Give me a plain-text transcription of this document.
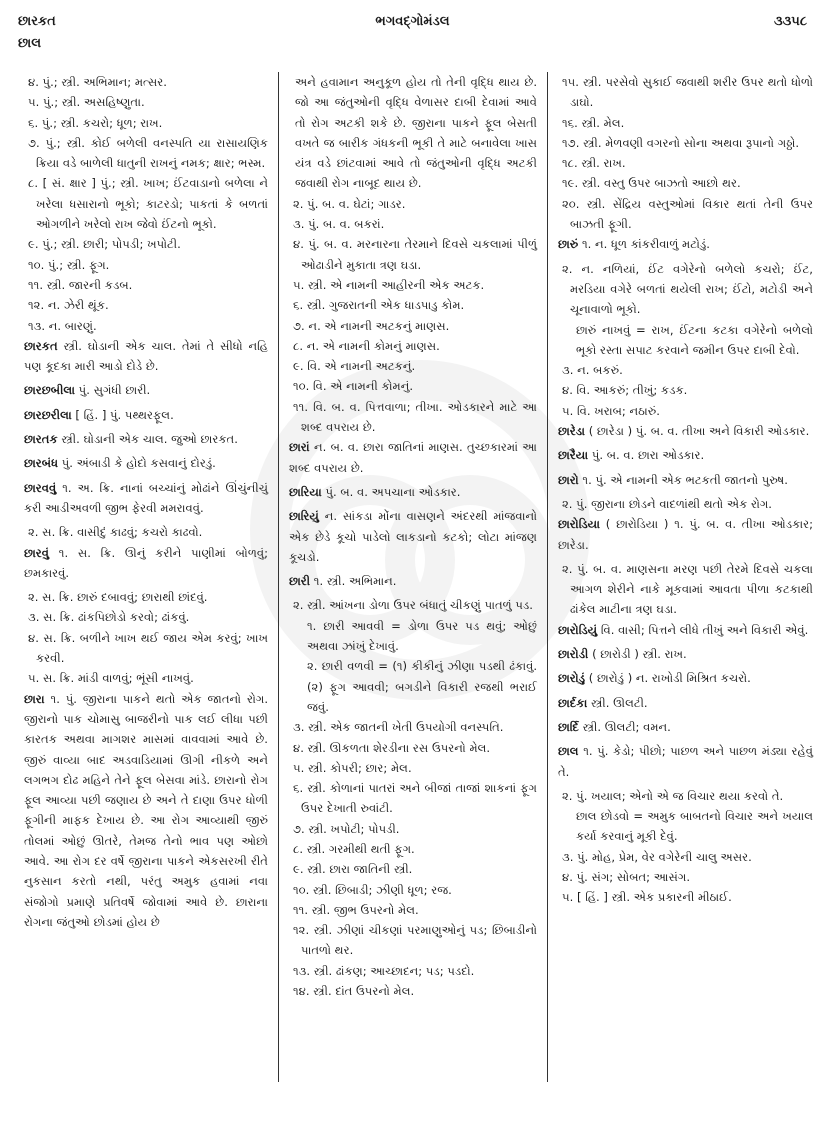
છારકત
છાલ
ભગવદ્ગોમંડલ	૩૩૫૮

૪. પું.; સ્ત્રી. અભિમાન; મત્સર.

૫. પું.; સ્ત્રી. અસહિષ્ણુતા.

૬. પું.; સ્ત્રી. કચરો; ધૂળ; રાખ.

૭. પું.; સ્ત્રી. કોઈ બળેલી વનસ્પતિ યા રાસાયણિક ક્રિયા વડે બાળેલી ધાતુની રાખનું નમક; ક્ષાર; ભસ્મ.

૮. [ સં. ક્ષાર ] પું.; સ્ત્રી. ખાખ; ઈંટવાડાનો બળેલા ને ખરેલા ધસારાનો ભૂકો; કાટરડો; પાકતાં કે બળતાં ઓગળીને ખરેલો રાખ જેવો ઈંટનો ભૂકો.

૯. પું.; સ્ત્રી. છારી; પોપડી; ખપોટી.

૧૦. પું.; સ્ત્રી. ફૂગ.

૧૧. સ્ત્રી. જારની કડબ.

૧૨. ન. ઝેરી થૂંક.

૧૩. ન. બારણું.

છારકત સ્ત્રી. ઘોડાની એક ચાલ. તેમાં તે સીધો નહિ પણ કૂદકા મારી આડો દોડે છે.

છારછબીલા પું. સુગંધી છારી.

છારછરીલા [ હિં. ] પું. પથ્થરફૂલ.

છારતક સ્ત્રી. ઘોડાની એક ચાલ. જુઓ છારકત.

છારબંધ પું. અંબાડી કે હોદો કસવાનું દોરડું.

છારવવું ૧. અ. ક્રિ. નાનાં બચ્ચાંનું મોઢાંને ઊંચુંનીચું કરી આડીઅવળી જીભ ફેરવી મમરાવવું.

૨. સ. ક્રિ. વાસીદું કાઢવું; કચરો કાઢવો.

છારવું ૧. સ. ક્રિ. ઊનું કરીને પાણીમાં બોળવું; છમકારવું.

૨. સ. ક્રિ. છારું દબાવવું; છારાથી છાંદવું.

૩. સ. ક્રિ. ઢાંકપિછોડો કરવો; ઢાંકવું.

૪. સ. ક્રિ. બળીને ખાખ થઈ જાય એમ કરવું; ખાખ કરવી.

૫. સ. ક્રિ. માંડી વાળવું; ભૂંસી નાખવું.

છારા ૧. પું. જીરાના પાકને થતો એક જાતનો રોગ. જીરાનો પાક ચોમાસુ બાજરીનો પાક લઈ લીધા પછી કારતક અથવા માગશર માસમાં વાવવામાં આવે છે. જીરું વાવ્યા બાદ અડવાડિયામાં ઊગી નીકળે અને લગભગ દોઢ મહિને તેને ફૂલ બેસવા માંડે. છારાનો રોગ ફૂલ આવ્યા પછી જણાય છે અને તે દાણા ઉપર ધોળી ફૂગીની માફક દેખાય છે. આ રોગ આવ્યાથી જીરું તોલમાં ઓછું ઊતરે, તેમજ તેનો ભાવ પણ ઓછો આવે. આ રોગ દર વર્ષે જીરાના પાકને એકસરખી રીતે નુકસાન કરતો નથી, પરંતુ અમુક હવામાં નવા સંજોગો પ્રમાણે પ્રતિવર્ષે જોવામાં આવે છે. છારાના રોગના જંતુઓ છોડમાં હોય છે

અને હવામાન અનુકૂળ હોય તો તેની વૃદ્ધિ થાય છે. જો આ જંતુઓની વૃદ્ધિ વેળાસર દાબી દેવામાં આવે તો રોગ અટકી શકે છે. જીરાના પાકને ફૂલ બેસતી વખતે જ બારીક ગંધકની ભૂકી તે માટે બનાવેલા ખાસ યંત્ર વડે છાંટવામાં આવે તો જંતુઓની વૃદ્ધિ અટકી જવાથી રોગ નાબૂદ થાય છે.

૨. પું. બ. વ. ઘેટાં; ગાડર.

૩. પું. બ. વ. બકરાં.

૪. પું. બ. વ. મરનારના તેરમાને દિવસે ચકલામાં પીળું ઓઢાડીને મુકાતા ત્રણ ઘડા.

૫. સ્ત્રી. એ નામની આહીરની એક અટક.

૬. સ્ત્રી. ગુજરાતની એક ધાડપાડુ કોમ.

૭. ન. એ નામની અટકનું માણસ.

૮. ન. એ નામની કોમનું માણસ.

૯. વિ. એ નામની અટકનું.

૧૦. વિ. એ નામની કોમનું.

૧૧. વિ. બ. વ. પિત્તવાળા; તીખા. ઓડકારને માટે આ શબ્દ વપરાય છે.

છારાં ન. બ. વ. છારા જાતિનાં માણસ. તુચ્છકારમાં આ શબ્દ વપરાય છે.

છારિયા પું. બ. વ. અપચાના ઓડકાર.

છારિયું ન. સાંકડા મોંના વાસણને અંદરથી માંજવાનો એક છેડે કૂચો પાડેલો લાકડાનો કટકો; લોટા માંજણ કૂચડો.

છારી ૧. સ્ત્રી. અભિમાન.

૨. સ્ત્રી. આંખના ડોળા ઉપર બંધાતું ચીકણું પાતળું પડ.

૧. છારી આવવી = ડોળા ઉપર પડ થવું; ઓછું અથવા ઝાંખું દેખાવું.

૨. છારી વળવી = (૧) કીકીનું ઝીણા પડથી ઢંકાવું. (૨) ફૂગ આવવી; બગડીને વિકારી રજથી ભરાઈ જવું.

૩. સ્ત્રી. એક જાતની ખેતી ઉપયોગી વનસ્પતિ.

૪. સ્ત્રી. ઊકળતા શેરડીના રસ ઉપરનો મેલ.

૫. સ્ત્રી. કોપરી; છાર; મેલ.

૬. સ્ત્રી. કોળાનાં પાતરાં અને બીજાં તાજાં શાકનાં ફૂગ ઉપર દેખાતી રુવાંટી.

૭. સ્ત્રી. ખપોટી; પોપડી.

૮. સ્ત્રી. ગરમીથી થતી ફૂગ.

૯. સ્ત્રી. છારા જાતિની સ્ત્રી.

૧૦. સ્ત્રી. છિબાડી; ઝીણી ધૂળ; રજ.

૧૧. સ્ત્રી. જીભ ઉપરનો મેલ.

૧૨. સ્ત્રી. ઝીણાં ચીકણાં પરમાણુઓનું પડ; છિબાડીનો પાતળો થર.

૧૩. સ્ત્રી. ઢાંકણ; આચ્છાદન; પડ; પડદો.

૧૪. સ્ત્રી. દાંત ઉપરનો મેલ.

૧૫. સ્ત્રી. પરસેવો સુકાઈ જવાથી શરીર ઉપર થતો ધોળો ડાઘો.

૧૬. સ્ત્રી. મેલ.

૧૭. સ્ત્રી. મેળવણી વગરનો સોના અથવા રૂપાનો ગઠ્ઠો.

૧૮. સ્ત્રી. રાખ.

૧૯. સ્ત્રી. વસ્તુ ઉપર બાઝતો આછો થર.

૨૦. સ્ત્રી. સેંદ્રિય વસ્તુઓમાં વિકાર થતાં તેની ઉપર બાઝતી ફૂગી.

છારું ૧. ન. ધૂળ કાંકરીવાળું મટોડું.

૨. ન. નળિયાં, ઈંટ વગેરેનો બળેલો કચરો; ઈંટ, મરડિયા વગેરે બળતાં થયેલી રાખ; ઈંટો, મટોડી અને ચૂનાવાળો ભૂકો.

છારું નાખવું = રાખ, ઈંટના કટકા વગેરેનો બળેલો ભૂકો રસ્તા સપાટ કરવાને જમીન ઉપર દાબી દેવો.

૩. ન. બકરું.

૪. વિ. આકરું; તીખું; કડક.

૫. વિ. ખરાબ; નઠારું.

છારેડા ( છારેડા ) પું. બ. વ. તીખા અને વિકારી ઓડકાર.

છારૈયા પું. બ. વ. છારા ઓડકાર.

છારો ૧. પું. એ નામની એક ભટકતી જાતનો પુરુષ.

૨. પું. જીરાના છોડને વાદળાંથી થતો એક રોગ.

છારોડિયા ( છારોડિયા ) ૧. પું. બ. વ. તીખા ઓડકાર; છારેડા.

૨. પું. બ. વ. માણસના મરણ પછી તેરમે દિવસે ચકલા આગળ શેરીને નાકે મૂકવામાં આવતા પીળા કટકાથી ઢાંકેલ માટીના ત્રણ ઘડા.

છારોડિયું વિ. વાસી; પિત્તને લીધે તીખું અને વિકારી એવું.

છારોડી ( છારોડી ) સ્ત્રી. રાખ.

છારોડું ( છારોડું ) ન. રાખોડી મિશ્રિત કચરો.

છાર્દકા સ્ત્રી. ઊલટી.

છાર્દિ સ્ત્રી. ઊલટી; વમન.

છાલ ૧. પું. કેડો; પીછો; પાછળ અને પાછળ મંડ્યા રહેવું તે.

૨. પું. ખયાલ; એનો એ જ વિચાર થયા કરવો તે.

છાલ છોડવો = અમુક બાબતનો વિચાર અને ખયાલ કર્યા કરવાનું મૂકી દેવું.

૩. પું. મોહ, પ્રેમ, વેર વગેરેની ચાલુ અસર.

૪. પું. સંગ; સોબત; આસંગ.

૫. [ હિં. ] સ્ત્રી. એક પ્રકારની મીઠાઈ.
